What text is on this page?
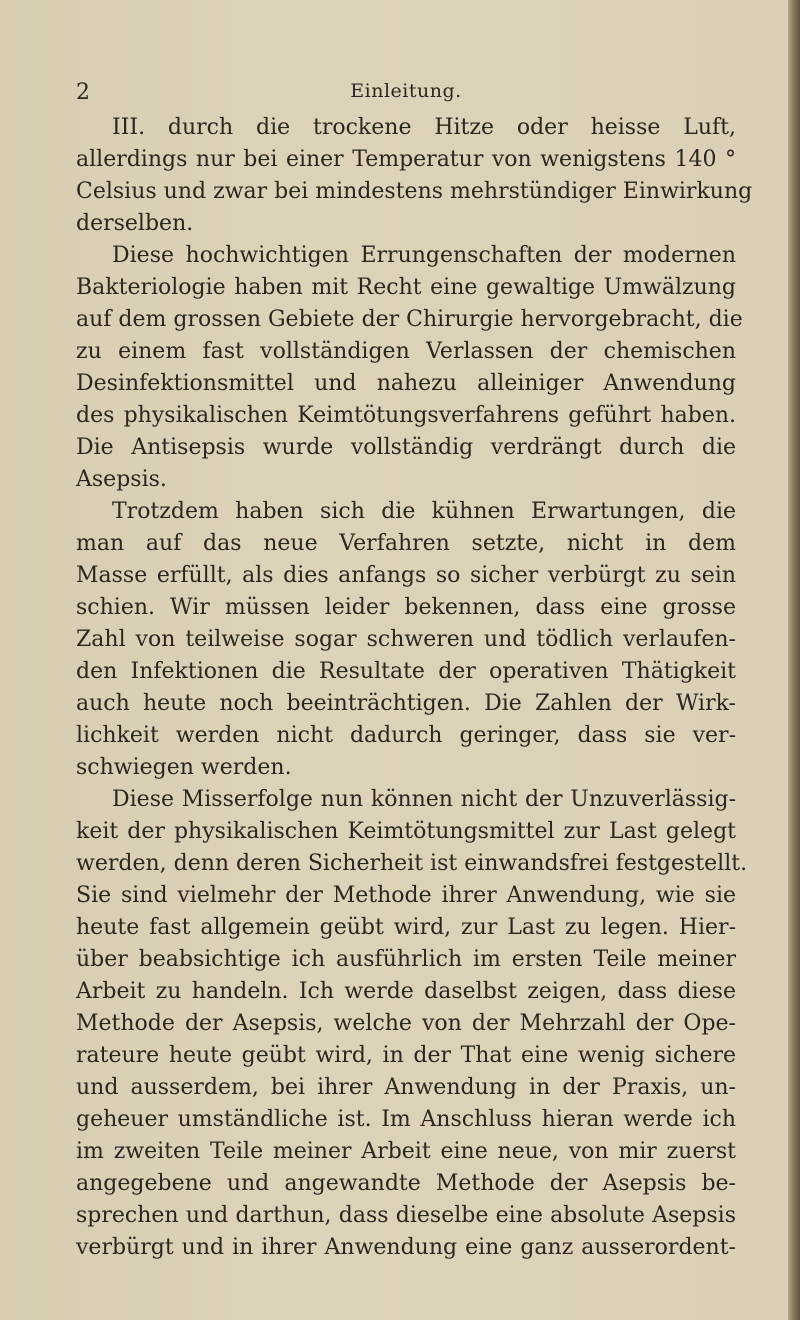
2	Einleitung.
III. durch die trockene Hitze oder heisse Luft,
allerdings nur bei einer Temperatur von wenigstens 140 °
Celsius und zwar bei mindestens mehrstündiger Einwirkung
derselben.
Diese hochwichtigen Errungenschaften der modernen
Bakteriologie haben mit Recht eine gewaltige Umwälzung
auf dem grossen Gebiete der Chirurgie hervorgebracht, die
zu einem fast vollständigen Verlassen der chemischen
Desinfektionsmittel und nahezu alleiniger Anwendung
des physikalischen Keimtötungsverfahrens geführt haben.
Die Antisepsis wurde vollständig verdrängt durch die
Asepsis.
Trotzdem haben sich die kühnen Erwartungen, die
man auf das neue Verfahren setzte, nicht in dem
Masse erfüllt, als dies anfangs so sicher verbürgt zu sein
schien. Wir müssen leider bekennen, dass eine grosse
Zahl von teilweise sogar schweren und tödlich verlaufen-
den Infektionen die Resultate der operativen Thätigkeit
auch heute noch beeinträchtigen. Die Zahlen der Wirk-
lichkeit werden nicht dadurch geringer, dass sie ver-
schwiegen werden.
Diese Misserfolge nun können nicht der Unzuverlässig-
keit der physikalischen Keimtötungsmittel zur Last gelegt
werden, denn deren Sicherheit ist einwandsfrei festgestellt.
Sie sind vielmehr der Methode ihrer Anwendung, wie sie
heute fast allgemein geübt wird, zur Last zu legen. Hier-
über beabsichtige ich ausführlich im ersten Teile meiner
Arbeit zu handeln. Ich werde daselbst zeigen, dass diese
Methode der Asepsis, welche von der Mehrzahl der Ope-
rateure heute geübt wird, in der That eine wenig sichere
und ausserdem, bei ihrer Anwendung in der Praxis, un-
geheuer umständliche ist. Im Anschluss hieran werde ich
im zweiten Teile meiner Arbeit eine neue, von mir zuerst
angegebene und angewandte Methode der Asepsis be-
sprechen und darthun, dass dieselbe eine absolute Asepsis
verbürgt und in ihrer Anwendung eine ganz ausserordent-
